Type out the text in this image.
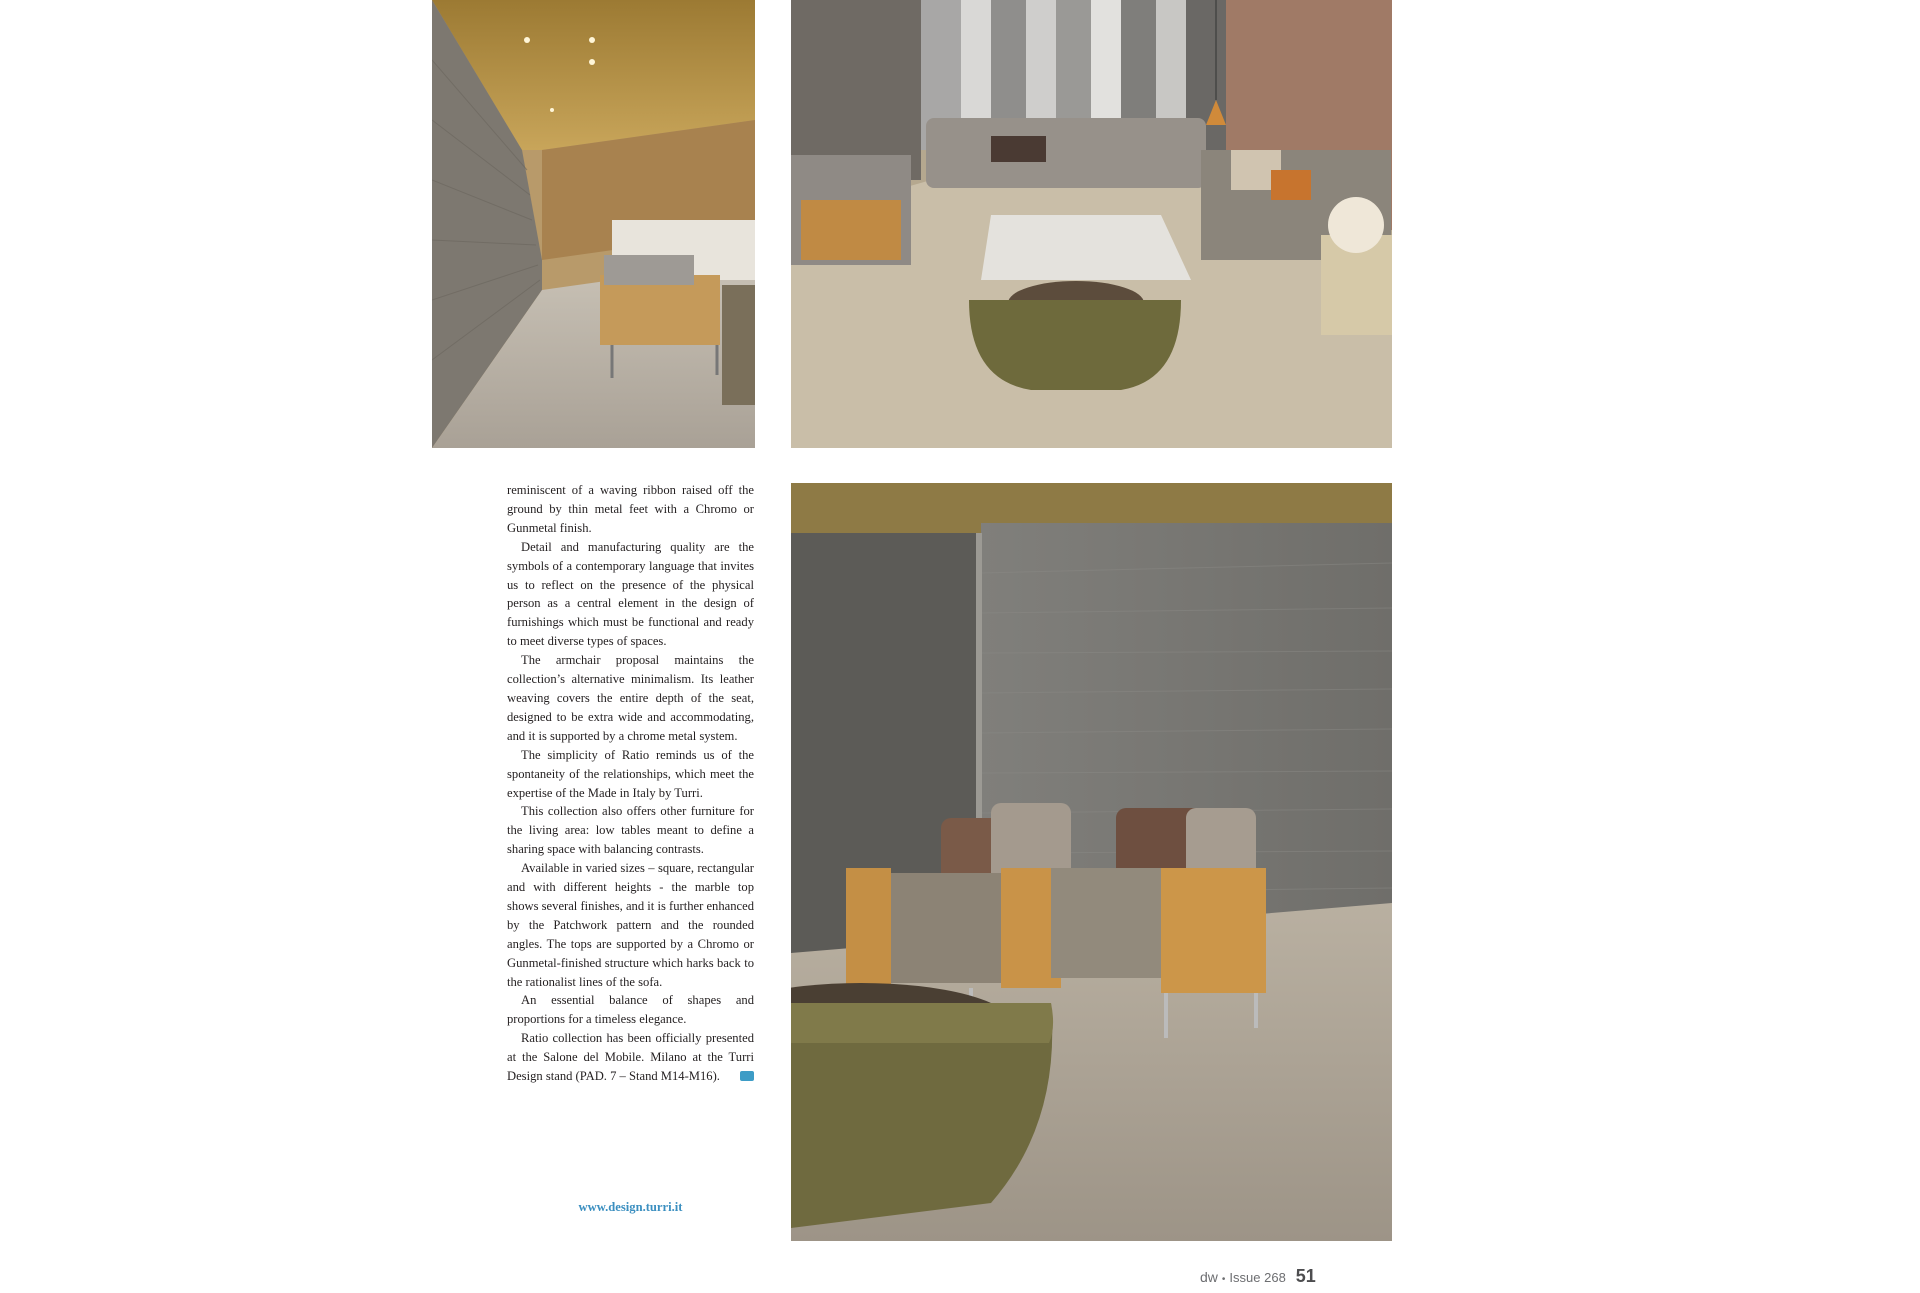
reminiscent of a waving ribbon raised off the ground by thin metal feet with a Chromo or Gunmetal finish.

Detail and manufacturing quality are the symbols of a contemporary language that invites us to reflect on the presence of the physical person as a central element in the design of furnishings which must be functional and ready to meet diverse types of spaces.

The armchair proposal maintains the collection’s alternative minimalism. Its leather weaving covers the entire depth of the seat, designed to be extra wide and accommodating, and it is supported by a chrome metal system.

The simplicity of Ratio reminds us of the spontaneity of the relationships, which meet the expertise of the Made in Italy by Turri.

This collection also offers other furniture for the living area: low tables meant to define a sharing space with balancing contrasts.

Available in varied sizes – square, rectangular and with different heights - the marble top shows several finishes, and it is further enhanced by the Patchwork pattern and the rounded angles. The tops are supported by a Chromo or Gunmetal-finished structure which harks back to the rationalist lines of the sofa.

An essential balance of shapes and proportions for a timeless elegance.

Ratio collection has been officially presented at the Salone del Mobile. Milano at the Turri Design stand (PAD. 7 – Stand M14-M16).	dw

www.design.turri.it
dw • Issue 268 51
